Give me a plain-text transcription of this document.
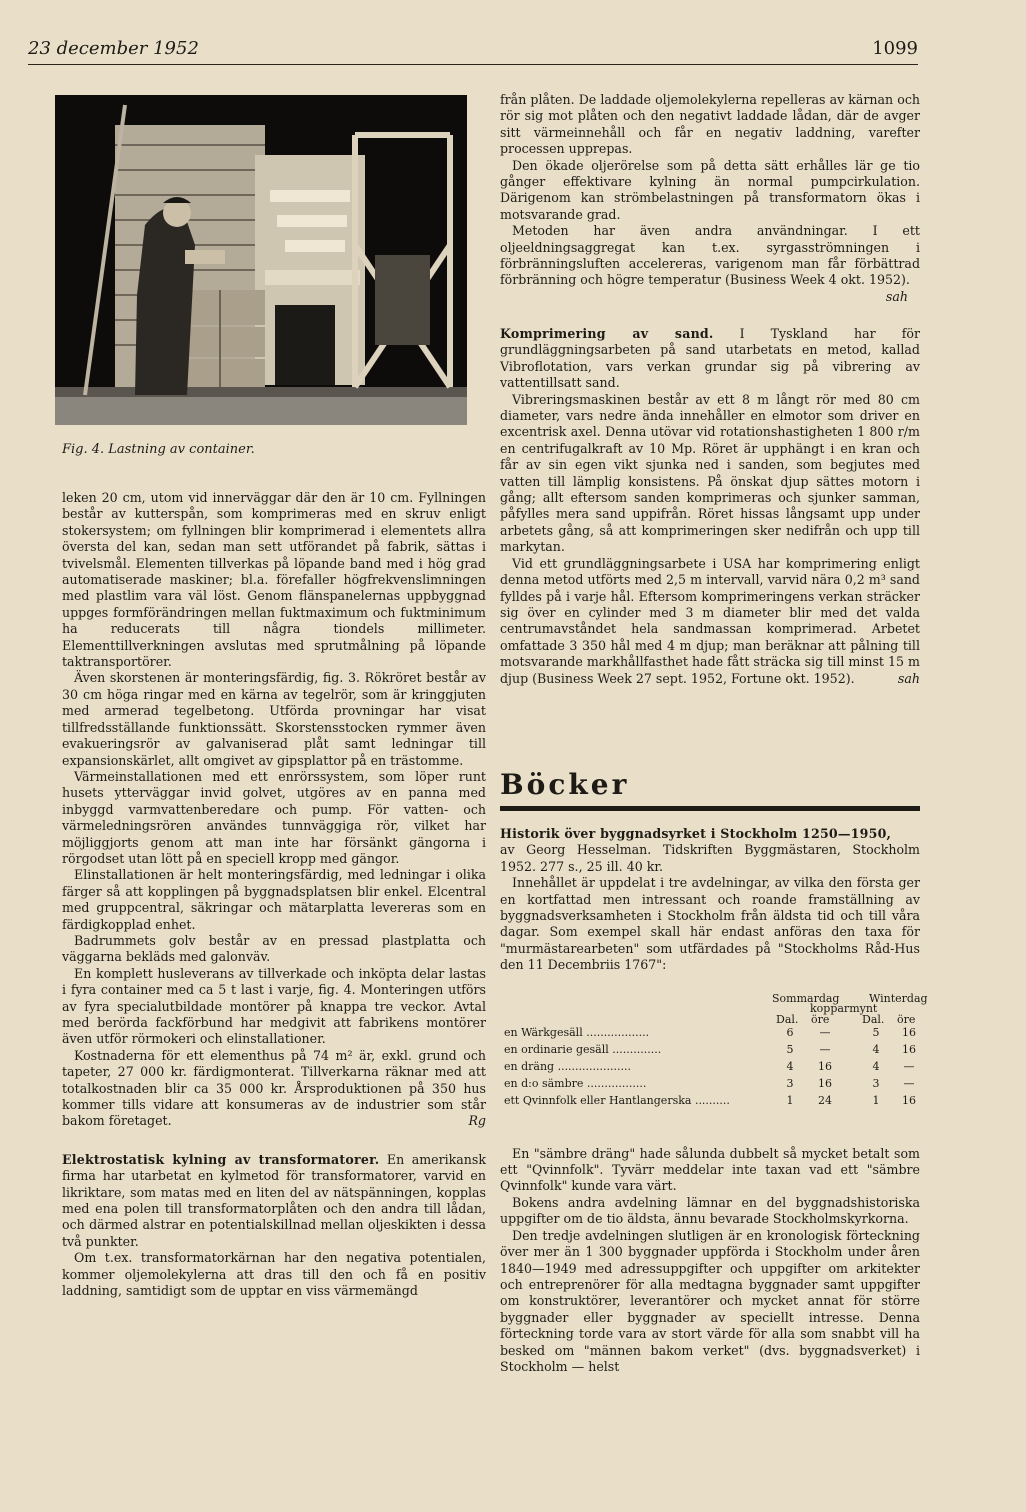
23 december 1952	1099
Fig. 4. Lastning av container.

leken 20 cm, utom vid innerväggar där den är 10 cm. Fyllningen består av kutterspån, som komprimeras med en skruv enligt stokersystem; om fyllningen blir komprimerad i elementets allra översta del kan, sedan man sett utförandet på fabrik, sättas i tvivelsmål. Elementen tillverkas på löpande band med i hög grad automatiserade maskiner; bl.a. förefaller högfrekvenslimningen med plastlim vara väl löst. Genom flänspanelernas uppbyggnad uppges formförändringen mellan fuktmaximum och fuktminimum ha reducerats till några tiondels millimeter. Elementtillverkningen avslutas med sprutmålning på löpande taktransportörer.

Även skorstenen är monteringsfärdig, fig. 3. Rökröret består av 30 cm höga ringar med en kärna av tegelrör, som är kringgjuten med armerad tegelbetong. Utförda provningar har visat tillfredsställande funktionssätt. Skorstensstocken rymmer även evakueringsrör av galvaniserad plåt samt ledningar till expansionskärlet, allt omgivet av gipsplattor på en trästomme.

Värmeinstallationen med ett enrörssystem, som löper runt husets ytterväggar invid golvet, utgöres av en panna med inbyggd varmvattenberedare och pump. För vatten- och värmeledningsrören användes tunnväggiga rör, vilket har möjliggjorts genom att man inte har försänkt gängorna i rörgodset utan lött på en speciell kropp med gängor.

Elinstallationen är helt monteringsfärdig, med ledningar i olika färger så att kopplingen på byggnadsplatsen blir enkel. Elcentral med gruppcentral, säkringar och mätarplatta levereras som en färdigkopplad enhet.

Badrummets golv består av en pressad plastplatta och väggarna bekläds med galonväv.

En komplett husleverans av tillverkade och inköpta delar lastas i fyra container med ca 5 t last i varje, fig. 4. Monteringen utförs av fyra specialutbildade montörer på knappa tre veckor. Avtal med berörda fackförbund har medgivit att fabrikens montörer även utför rörmokeri och elinstallationer.

Kostnaderna för ett elementhus på 74 m² är, exkl. grund och tapeter, 27 000 kr. färdigmonterat. Tillverkarna räknar med att totalkostnaden blir ca 35 000 kr. Årsproduktionen på 350 hus kommer tills vidare att konsumeras av de industrier som står bakom företaget.	Rg

Elektrostatisk kylning av transformatorer. En amerikansk firma har utarbetat en kylmetod för transformatorer, varvid en likriktare, som matas med en liten del av nätspänningen, kopplas med ena polen till transformatorplåten och den andra till lådan, och därmed alstrar en potentialskillnad mellan oljeskikten i dessa två punkter.

Om t.ex. transformatorkärnan har den negativa potentialen, kommer oljemolekylerna att dras till den och få en positiv laddning, samtidigt som de upptar en viss värmemängd

från plåten. De laddade oljemolekylerna repelleras av kärnan och rör sig mot plåten och den negativt laddade lådan, där de avger sitt värmeinnehåll och får en negativ laddning, varefter processen upprepas.

Den ökade oljerörelse som på detta sätt erhålles lär ge tio gånger effektivare kylning än normal pumpcirkulation. Därigenom kan strömbelastningen på transformatorn ökas i motsvarande grad.

Metoden har även andra användningar. I ett oljeeldningsaggregat kan t.ex. syrgasströmningen i förbränningsluften accelereras, varigenom man får förbättrad förbränning och högre temperatur (Business Week 4 okt. 1952).
sah

Komprimering av sand. I Tyskland har för grundläggningsarbeten på sand utarbetats en metod, kallad Vibroflotation, vars verkan grundar sig på vibrering av vattentillsatt sand.

Vibreringsmaskinen består av ett 8 m långt rör med 80 cm diameter, vars nedre ända innehåller en elmotor som driver en excentrisk axel. Denna utövar vid rotationshastigheten 1 800 r/m en centrifugalkraft av 10 Mp. Röret är upphängt i en kran och får av sin egen vikt sjunka ned i sanden, som begjutes med vatten till lämplig konsistens. På önskat djup sättes motorn i gång; allt eftersom sanden komprimeras och sjunker samman, påfylles mera sand uppifrån. Röret hissas långsamt upp under arbetets gång, så att komprimeringen sker nedifrån och upp till markytan.

Vid ett grundläggningsarbete i USA har komprimering enligt denna metod utförts med 2,5 m intervall, varvid nära 0,2 m³ sand fylldes på i varje hål. Eftersom komprimeringens verkan sträcker sig över en cylinder med 3 m diameter blir med det valda centrumavståndet hela sandmassan komprimerad. Arbetet omfattade 3 350 hål med 4 m djup; man beräknar att pålning till motsvarande markhållfasthet hade fått sträcka sig till minst 15 m djup (Business Week 27 sept. 1952, Fortune okt. 1952).	sah

Böcker

Historik över byggnadsyrket i Stockholm 1250—1950,

av Georg Hesselman. Tidskriften Byggmästaren, Stockholm 1952. 277 s., 25 ill. 40 kr.

Innehållet är uppdelat i tre avdelningar, av vilka den första ger en kortfattad men intressant och roande framställning av byggnadsverksamheten i Stockholm från äldsta tid och till våra dagar. Som exempel skall här endast anföras den taxa för "murmästarearbeten" som utfärdades på "Stockholms Råd-Hus den 11 Decembriis 1767":

En "sämbre dräng" hade sålunda dubbelt så mycket betalt som ett "Qvinnfolk". Tyvärr meddelar inte taxan vad ett "sämbre Qvinnfolk" kunde vara värt.

Bokens andra avdelning lämnar en del byggnadshistoriska uppgifter om de tio äldsta, ännu bevarade Stockholmskyrkorna.

Den tredje avdelningen slutligen är en kronologisk förteckning över mer än 1 300 byggnader uppförda i Stockholm under åren 1840—1949 med adressuppgifter och uppgifter om arkitekter och entreprenörer för alla medtagna byggnader samt uppgifter om konstruktörer, leverantörer och mycket annat för större byggnader eller byggnader av speciellt intresse. Denna förteckning torde vara av stort värde för alla som snabbt vill ha besked om "männen bakom verket" (dvs. byggnadsverket) i Stockholm — helst

Sommardag	Winterdag
kopparmynt
Dal. öre	Dal. öre
en Wärkgesäll ..................	6	—	5	16
en ordinarie gesäll ..............	5	—	4	16
en dräng .....................	4	16	4	—
en d:o sämbre .................	3	16	3	—
ett Qvinnfolk eller Hantlangerska ..........	1	24	1	16
